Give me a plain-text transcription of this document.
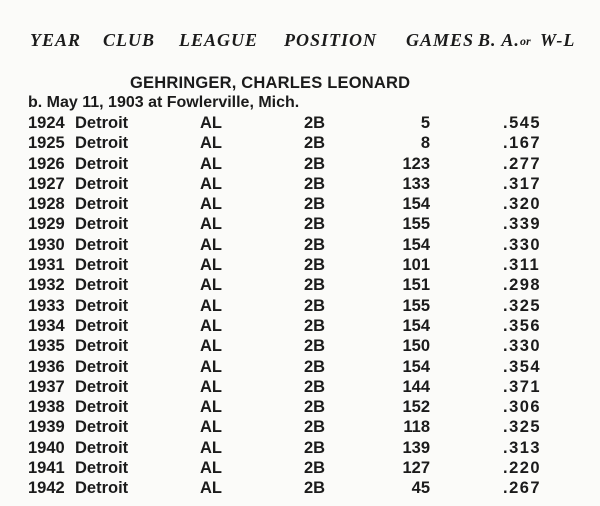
YEAR CLUB LEAGUE POSITION GAMES B. A. or W-L
GEHRINGER, CHARLES LEONARD
b. May 11, 1903 at Fowlerville, Mich.
1924 Detroit	AL	2B	5	.545
1925 Detroit	AL	2B	8	.167
1926 Detroit	AL	2B	123	.277
1927 Detroit	AL	2B	133	.317
1928 Detroit	AL	2B	154	.320
1929 Detroit	AL	2B	155	.339
1930 Detroit	AL	2B	154	.330
1931 Detroit	AL	2B	101	.311
1932 Detroit	AL	2B	151	.298
1933 Detroit	AL	2B	155	.325
1934 Detroit	AL	2B	154	.356
1935 Detroit	AL	2B	150	.330
1936 Detroit	AL	2B	154	.354
1937 Detroit	AL	2B	144	.371
1938 Detroit	AL	2B	152	.306
1939 Detroit	AL	2B	118	.325
1940 Detroit	AL	2B	139	.313
1941 Detroit	AL	2B	127	.220
1942 Detroit	AL	2B	45	.267
